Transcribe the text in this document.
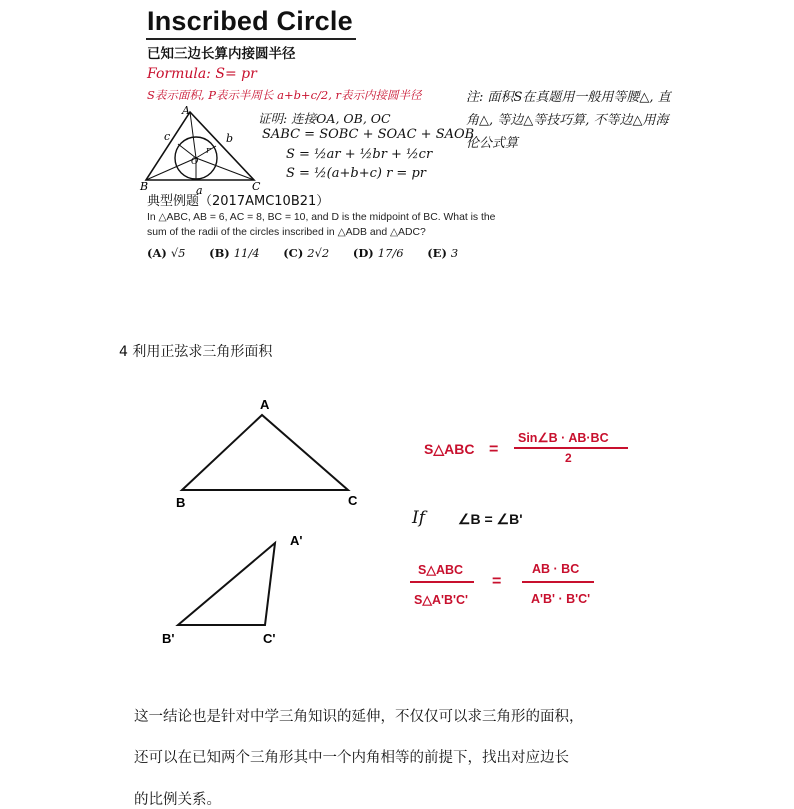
Inscribed Circle
已知三边长算内接圆半径
Formula: S= pr
S表示面积, P表示半周长 a+b+c/2, r表示内接圆半径	注: 面积S在真题用一般用等腰△, 直角△, 等边△等技巧算, 不等边△用海伦公式算
证明: 连接OA, OB, OC
SABC = SOBC + SOAC + SAOB
S = ½ar + ½br + ½cr
S = ½(a+b+c) r = pr
A
B	C
a
b
c
O
r
典型例题（2017AMC10B21）
In △ABC, AB = 6, AC = 8, BC = 10, and D is the midpoint of BC. What is the
sum of the radii of the circles inscribed in △ADB and △ADC?
(A) √5 (B) 11/4 (C) 2√2 (D) 17/6 (E) 3
4 利用正弦求三角形面积
A
B	C
A'
B'	C'
S△ABC =
Sin∠B · AB·BC
2
If ∠B = ∠B'
S△ABC
S△A'B'C'
=
AB · BC
A'B' · B'C'
这一结论也是针对中学三角知识的延伸，不仅仅可以求三角形的面积，
还可以在已知两个三角形其中一个内角相等的前提下，找出对应边长
的比例关系。
